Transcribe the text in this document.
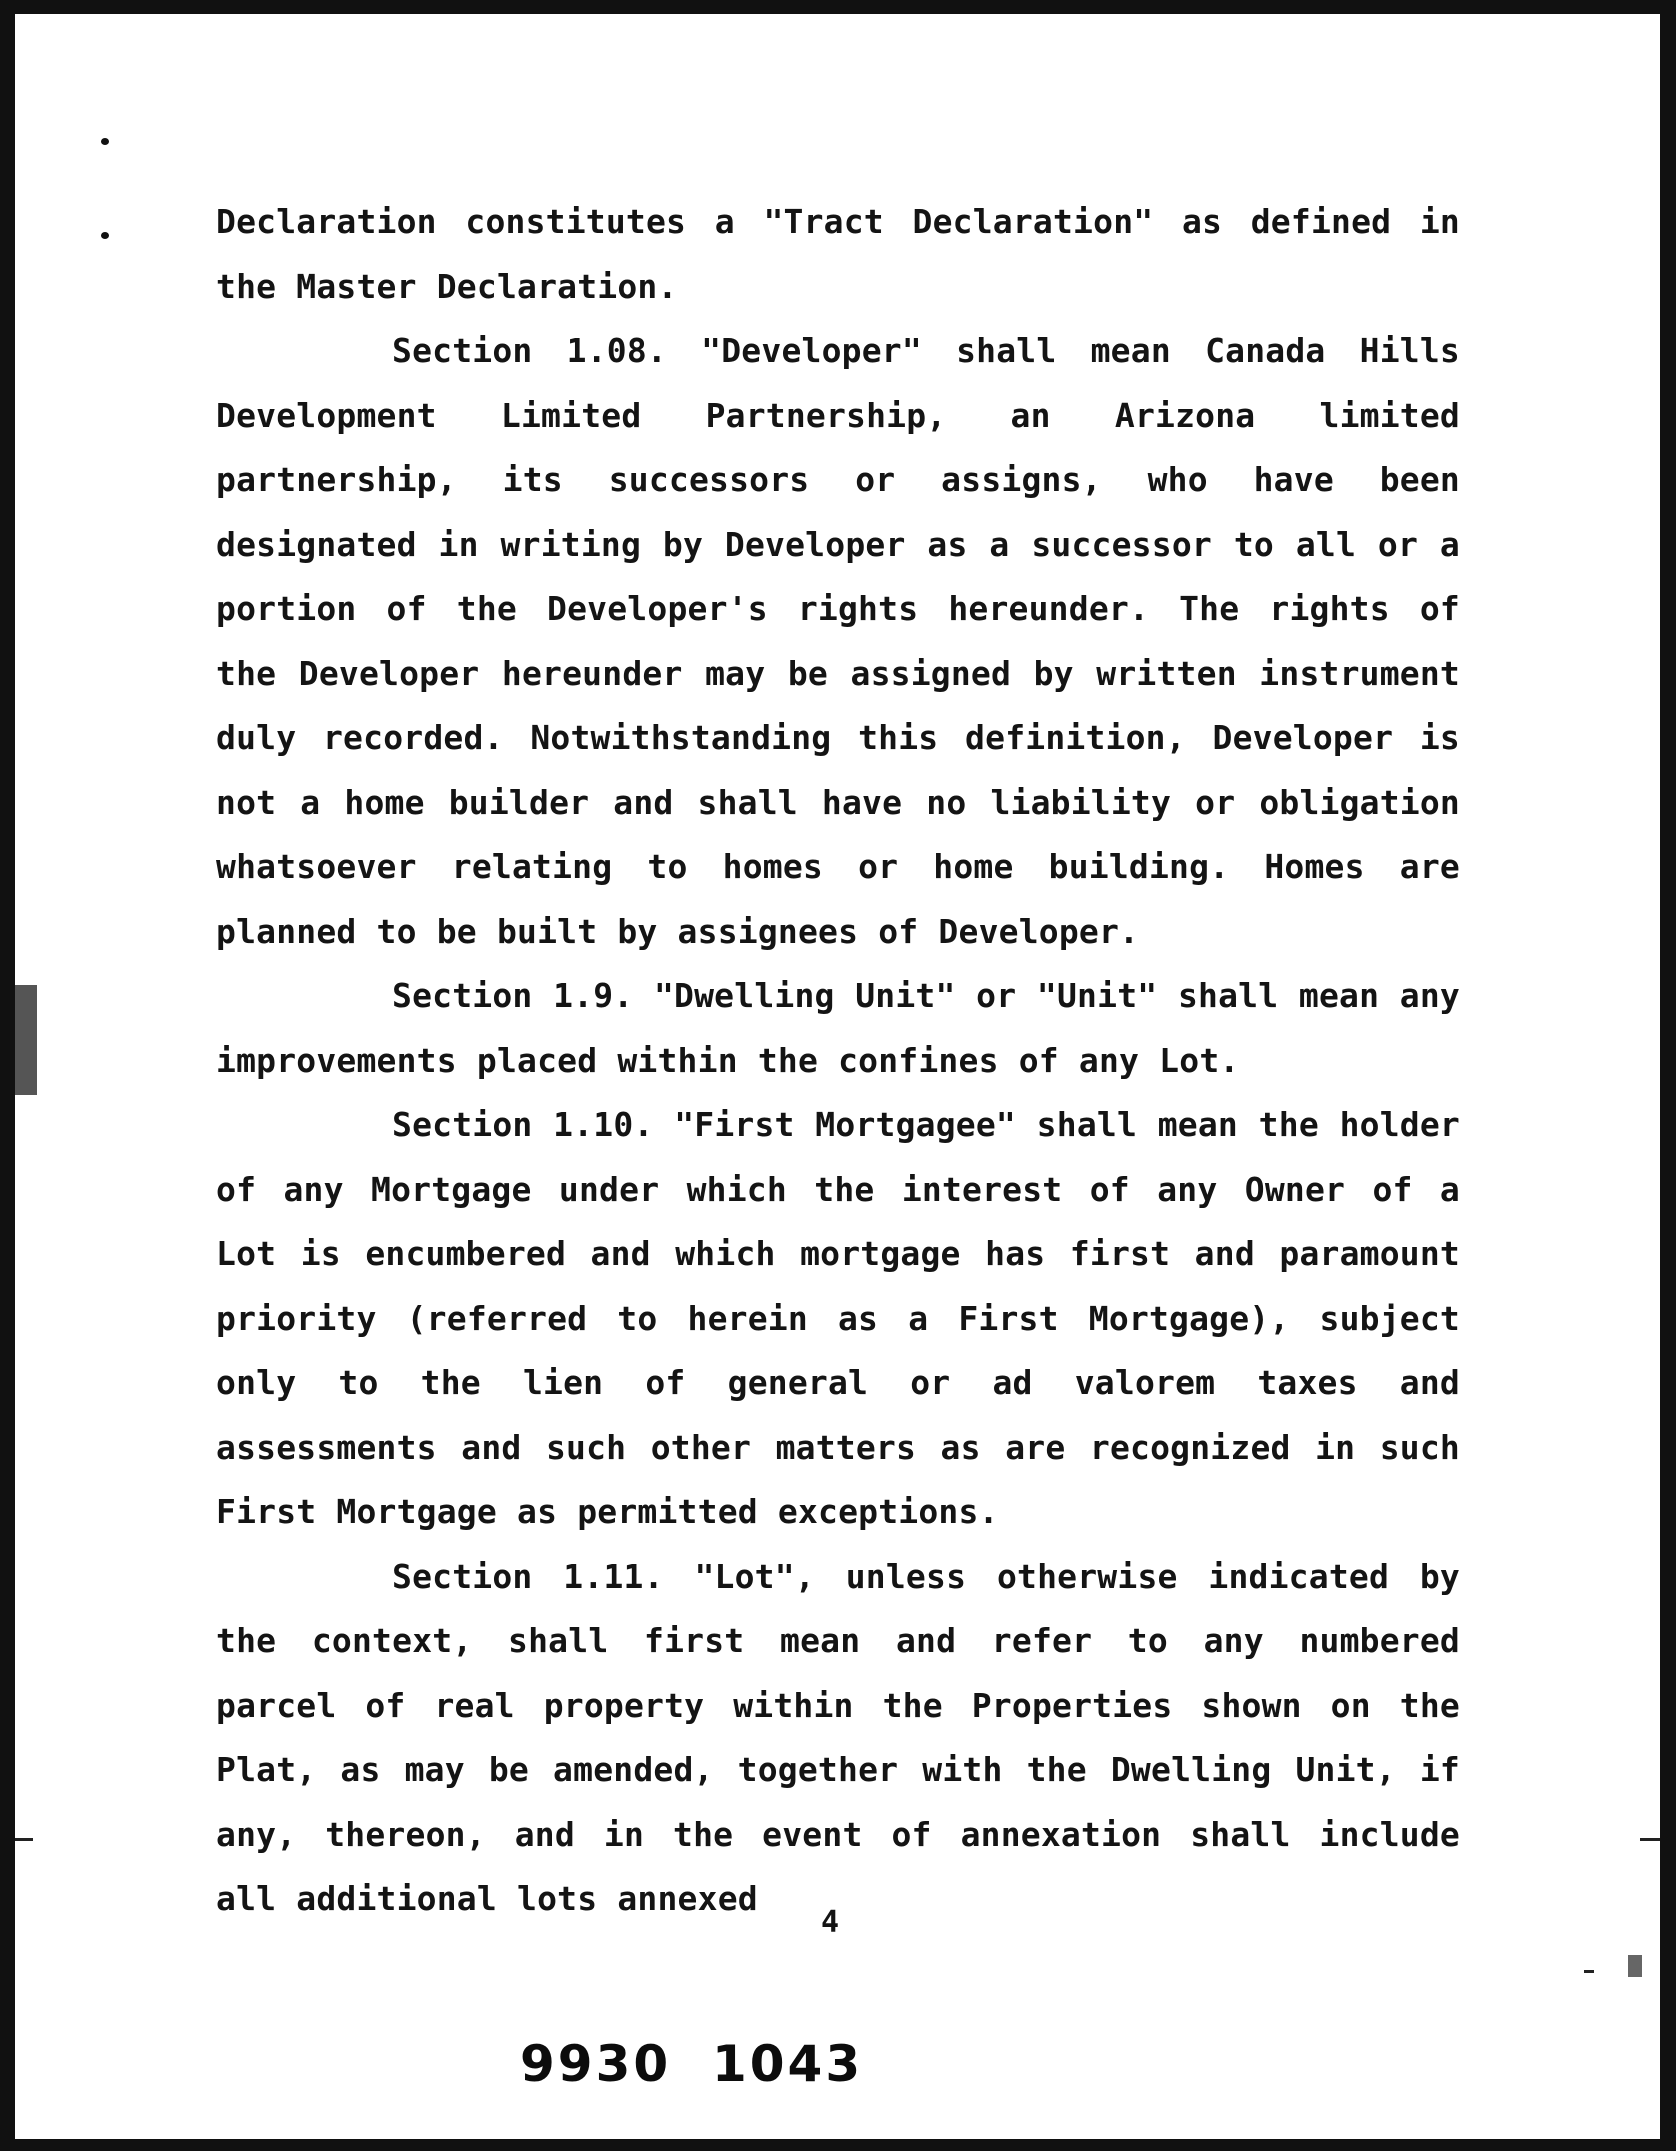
Declaration constitutes a "Tract Declaration" as defined in the Master Declaration.

Section 1.08. "Developer" shall mean Canada Hills Development Limited Partnership, an Arizona limited partnership, its successors or assigns, who have been designated in writing by Developer as a successor to all or a portion of the Developer's rights hereunder. The rights of the Developer hereunder may be assigned by written instrument duly recorded. Notwithstanding this definition, Developer is not a home builder and shall have no liability or obligation whatsoever relating to homes or home building. Homes are planned to be built by assignees of Developer.

Section 1.9. "Dwelling Unit" or "Unit" shall mean any improvements placed within the confines of any Lot.

Section 1.10. "First Mortgagee" shall mean the holder of any Mortgage under which the interest of any Owner of a Lot is encumbered and which mortgage has first and paramount priority (referred to herein as a First Mortgage), subject only to the lien of general or ad valorem taxes and assessments and such other matters as are recognized in such First Mortgage as permitted exceptions.

Section 1.11. "Lot", unless otherwise indicated by the context, shall first mean and refer to any numbered parcel of real property within the Properties shown on the Plat, as may be amended, together with the Dwelling Unit, if any, thereon, and in the event of annexation shall include all additional lots annexed

4
9930  1043
